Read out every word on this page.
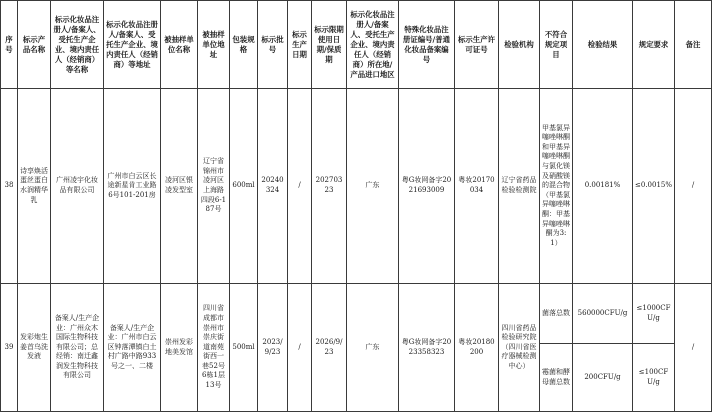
序号	标示产品名称	标示化妆品注册人/备案人、受托生产企业、境内责任人（经销商）等名称	标示化妆品注册人/备案人、受托生产企业、境内责任人（经销商）等地址	被抽样单位名称	被抽样单位地址	包装规格	标示批号	标示生产日期	标示限期使用日期/保质期	标示化妆品注册人/备案人、受托生产企业、境内责任人（经销商）所在地/产品进口地区	特殊化妆品注册证编号/普通化妆品备案编号	标示生产许可证号	检验机构	不符合规定项目	检验结果	规定要求	备注
38	诗享焕活蛋丝蛋白水润精华乳	广州凌宇化妆品有限公司	广州市白云区长途新星肯工业路6号101-201房	凌河区银凌发型室	辽宁省锦州市凌河区上海路四段6-187号	600ml	20240324	/	20270323	广东	粤G妆网备字2021693009	粤妆20170034	辽宁省药品检验检测院	甲基氯异噻唑啉酮和甲基异噻唑啉酮与氯化镁及硝酸镁的混合物（甲基氯异噻唑啉酮：甲基异噻唑啉酮为3:1）	0.00181%	≤0.0015%	/
39	发彩炮生姜首乌洗发液	备案人/生产企业：广州众木国际生物科技有限公司；总经销：南迁鑫润发生物科技有限公司	备案人/生产企业：广州市白云区钟落潭镇白土村广路中路933号之一、二楼	崇州发彩地美发馆	四川省成都市崇州市崇庆街道南苑街西一巷52号6栋1层13号	500ml	2023/9/23	/	2026/9/23	广东	粤G妆网备字2023358323	粤妆20180200	四川省药品检验研究院（四川省医疗器械检测中心）	菌落总数	560000CFU/g	≤1000CFU/g	/
														霉菌和酵母菌总数	200CFU/g	≤100CFU/g	
